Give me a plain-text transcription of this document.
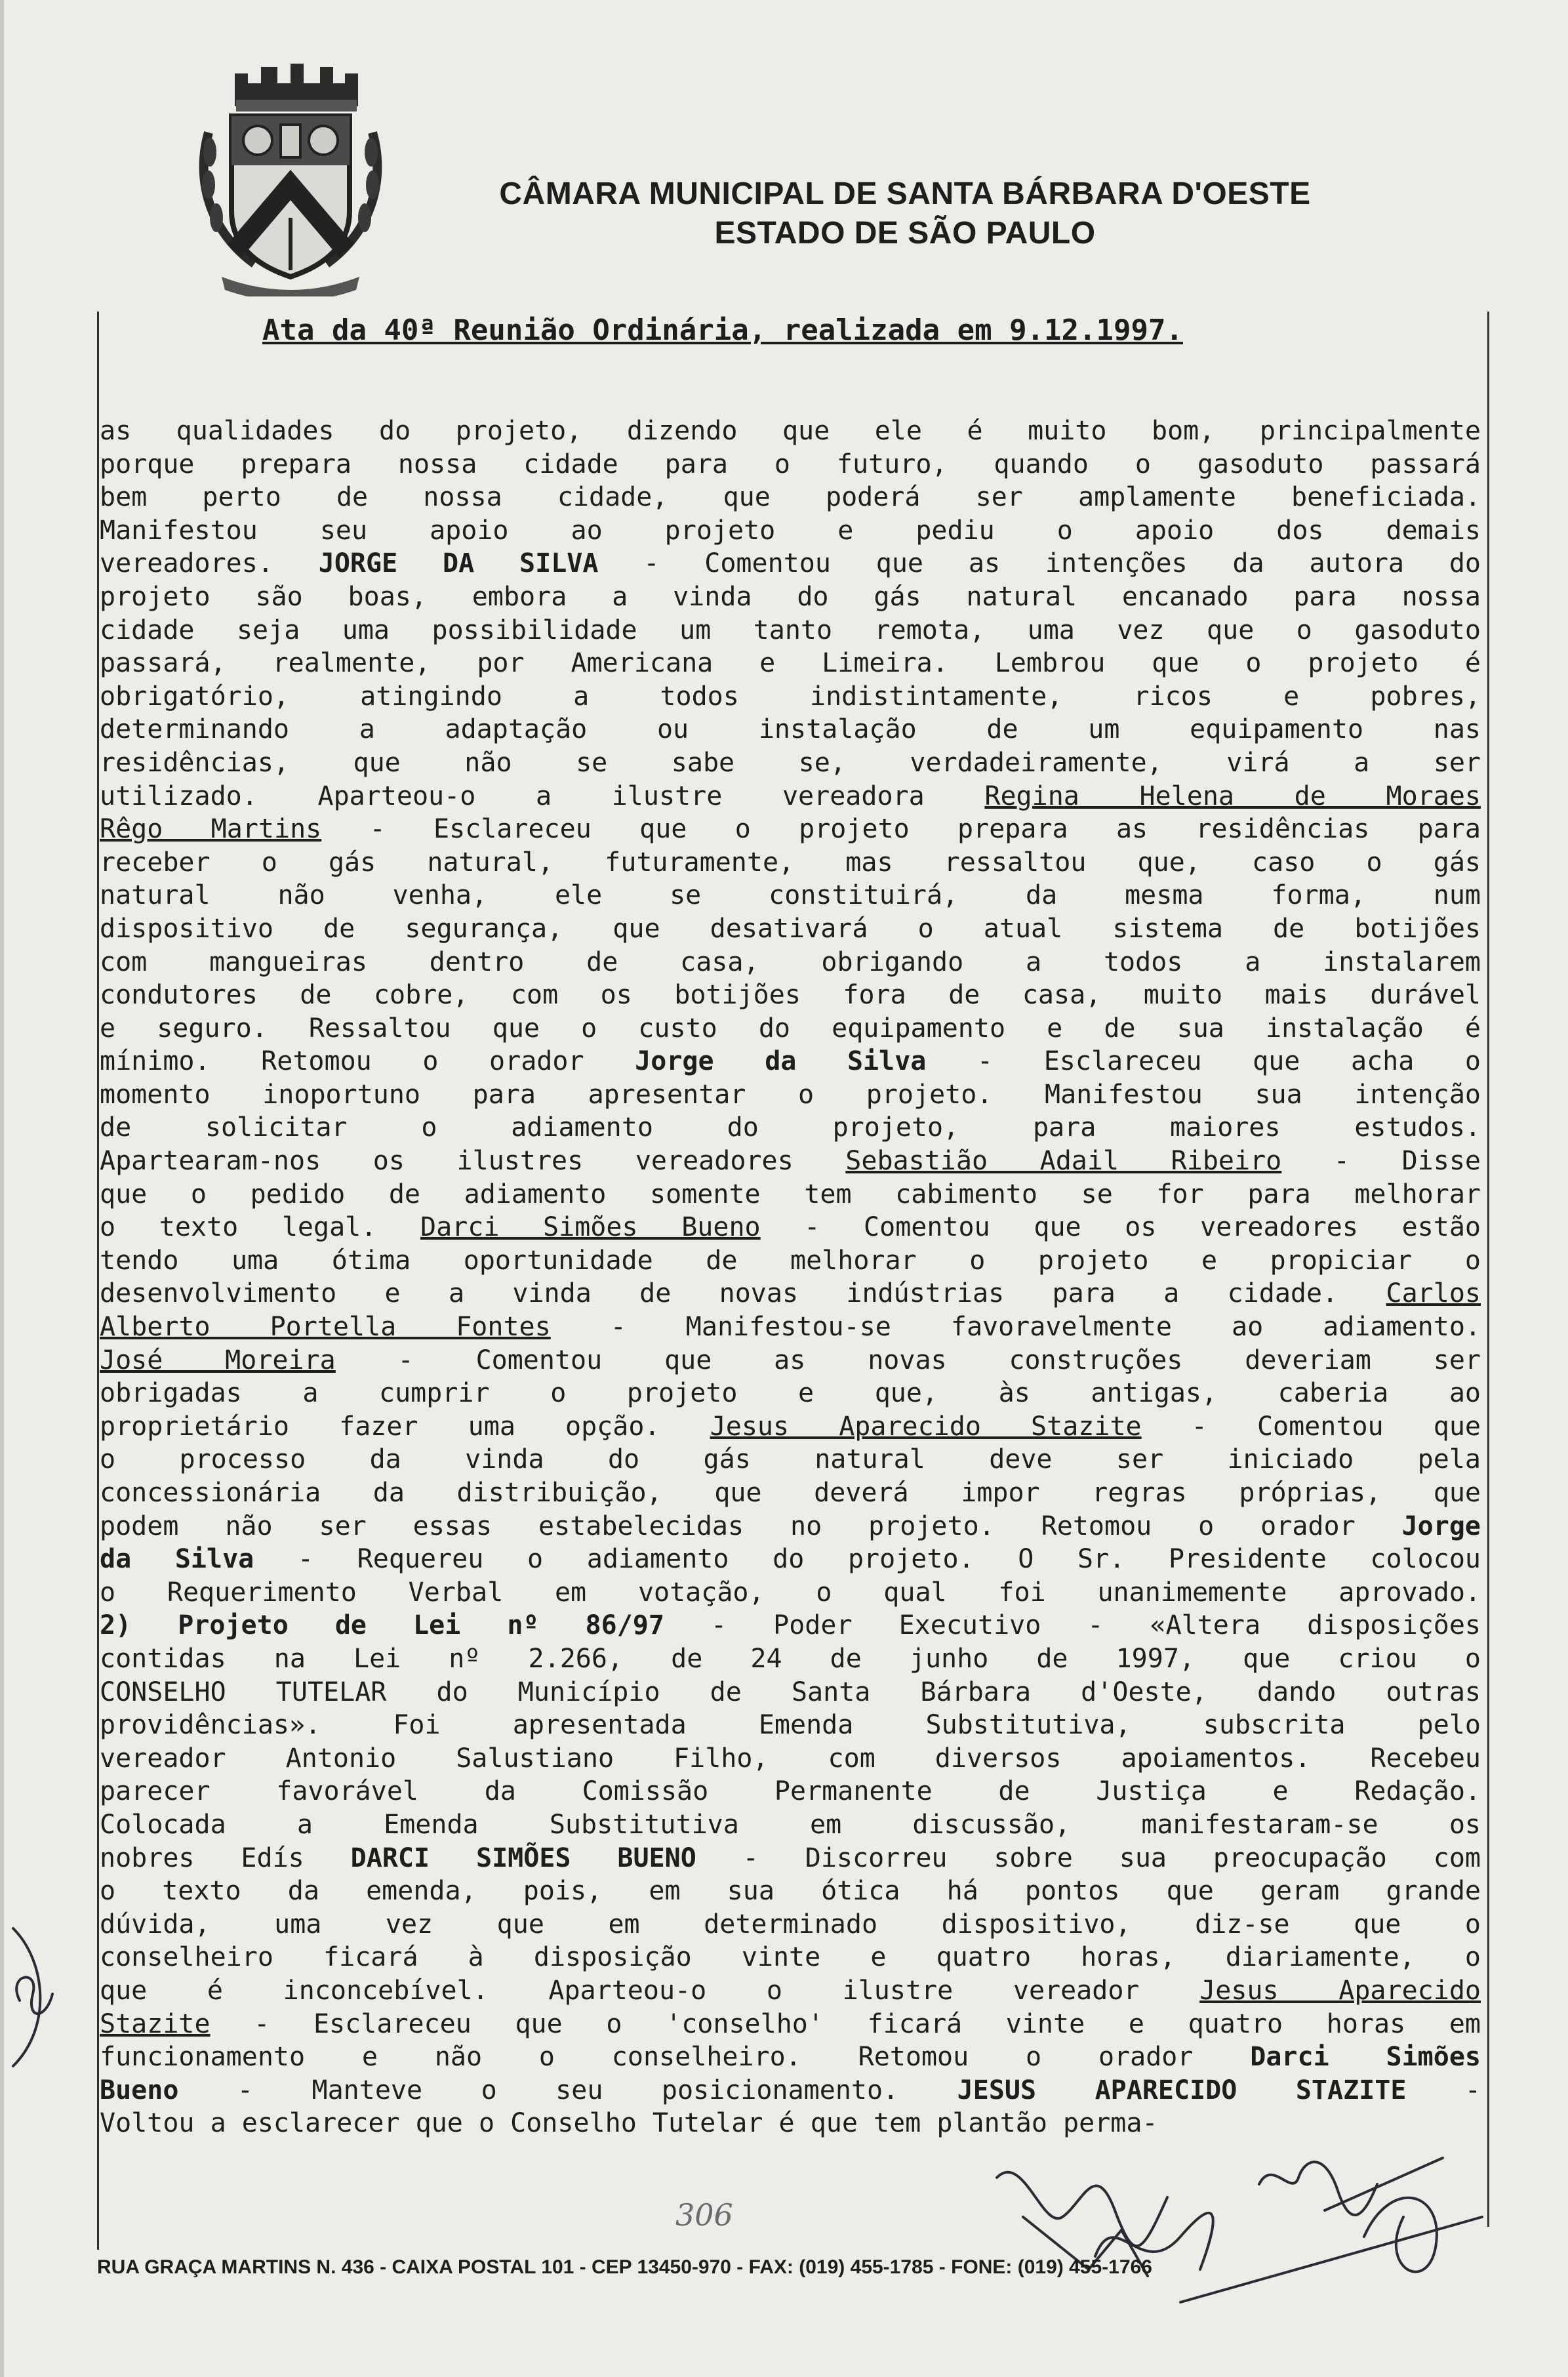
CÂMARA MUNICIPAL DE SANTA BÁRBARA D'OESTE
ESTADO DE SÃO PAULO
Ata da 40ª Reunião Ordinária, realizada em 9.12.1997.
as qualidades do projeto, dizendo que ele é muito bom, principalmente
porque prepara nossa cidade para o futuro, quando o gasoduto passará
bem perto de nossa cidade, que poderá ser amplamente beneficiada.
Manifestou seu apoio ao projeto e pediu o apoio dos demais
vereadores. JORGE DA SILVA - Comentou que as intenções da autora do
projeto são boas, embora a vinda do gás natural encanado para nossa
cidade seja uma possibilidade um tanto remota, uma vez que o gasoduto
passará, realmente, por Americana e Limeira. Lembrou que o projeto é
obrigatório, atingindo a todos indistintamente, ricos e pobres,
determinando a adaptação ou instalação de um equipamento nas
residências, que não se sabe se, verdadeiramente, virá a ser
utilizado. Aparteou-o a ilustre vereadora Regina Helena de Moraes
Rêgo Martins - Esclareceu que o projeto prepara as residências para
receber o gás natural, futuramente, mas ressaltou que, caso o gás
natural não venha, ele se constituirá, da mesma forma, num
dispositivo de segurança, que desativará o atual sistema de botijões
com mangueiras dentro de casa, obrigando a todos a instalarem
condutores de cobre, com os botijões fora de casa, muito mais durável
e seguro. Ressaltou que o custo do equipamento e de sua instalação é
mínimo. Retomou o orador Jorge da Silva - Esclareceu que acha o
momento inoportuno para apresentar o projeto. Manifestou sua intenção
de solicitar o adiamento do projeto, para maiores estudos.
Apartearam-nos os ilustres vereadores Sebastião Adail Ribeiro - Disse
que o pedido de adiamento somente tem cabimento se for para melhorar
o texto legal. Darci Simões Bueno - Comentou que os vereadores estão
tendo uma ótima oportunidade de melhorar o projeto e propiciar o
desenvolvimento e a vinda de novas indústrias para a cidade. Carlos
Alberto Portella Fontes - Manifestou-se favoravelmente ao adiamento.
José Moreira - Comentou que as novas construções deveriam ser
obrigadas a cumprir o projeto e que, às antigas, caberia ao
proprietário fazer uma opção. Jesus Aparecido Stazite - Comentou que
o processo da vinda do gás natural deve ser iniciado pela
concessionária da distribuição, que deverá impor regras próprias, que
podem não ser essas estabelecidas no projeto. Retomou o orador Jorge
da Silva - Requereu o adiamento do projeto. O Sr. Presidente colocou
o Requerimento Verbal em votação, o qual foi unanimemente aprovado.
2) Projeto de Lei nº 86/97 - Poder Executivo - «Altera disposições
contidas na Lei nº 2.266, de 24 de junho de 1997, que criou o
CONSELHO TUTELAR do Município de Santa Bárbara d'Oeste, dando outras
providências». Foi apresentada Emenda Substitutiva, subscrita pelo
vereador Antonio Salustiano Filho, com diversos apoiamentos. Recebeu
parecer favorável da Comissão Permanente de Justiça e Redação.
Colocada a Emenda Substitutiva em discussão, manifestaram-se os
nobres Edís DARCI SIMÕES BUENO - Discorreu sobre sua preocupação com
o texto da emenda, pois, em sua ótica há pontos que geram grande
dúvida, uma vez que em determinado dispositivo, diz-se que o
conselheiro ficará à disposição vinte e quatro horas, diariamente, o
que é inconcebível. Aparteou-o o ilustre vereador Jesus Aparecido
Stazite - Esclareceu que o 'conselho' ficará vinte e quatro horas em
funcionamento e não o conselheiro. Retomou o orador Darci Simões
Bueno - Manteve o seu posicionamento. JESUS APARECIDO STAZITE -
Voltou a esclarecer que o Conselho Tutelar é que tem plantão perma-
306
RUA GRAÇA MARTINS N. 436 - CAIXA POSTAL 101 - CEP 13450-970 - FAX: (019) 455-1785 - FONE: (019) 455-1766
